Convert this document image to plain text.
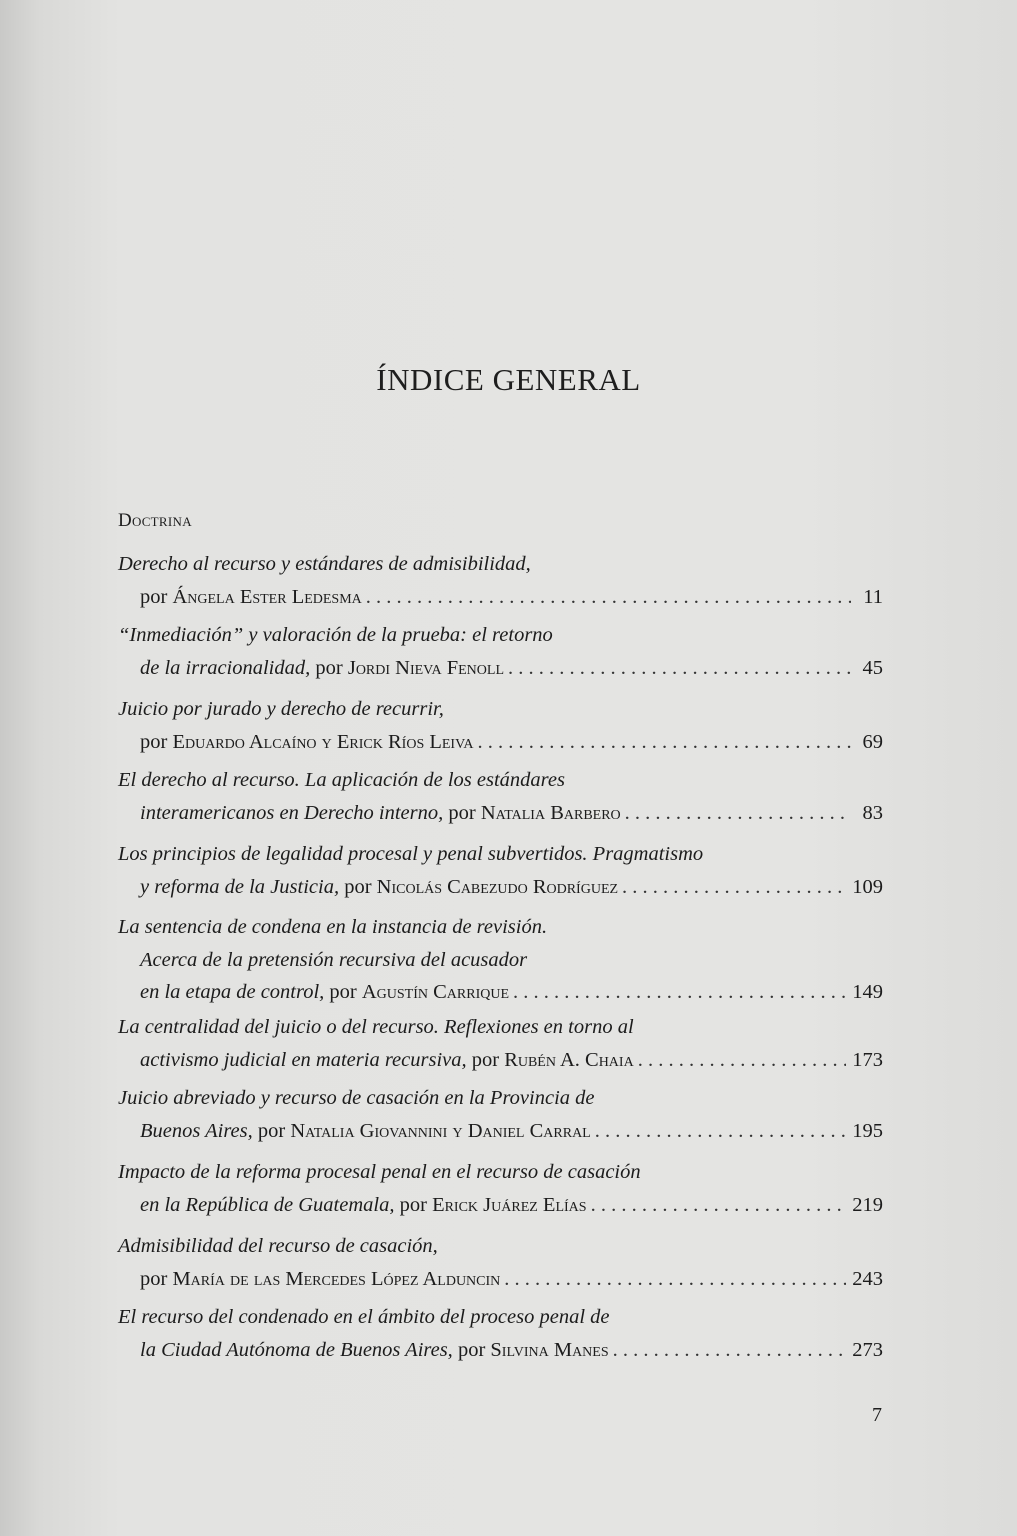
ÍNDICE GENERAL
Doctrina
Derecho al recurso y estándares de admisibilidad,
por Ángela Ester Ledesma . . .	11
“Inmediación” y valoración de la prueba: el retorno
de la irracionalidad, por Jordi Nieva Fenoll . . .	45
Juicio por jurado y derecho de recurrir,
por Eduardo Alcaíno y Erick Ríos Leiva . . .	69
El derecho al recurso. La aplicación de los estándares
interamericanos en Derecho interno, por Natalia Barbero . . .	83
Los principios de legalidad procesal y penal subvertidos. Pragmatismo
y reforma de la Justicia, por Nicolás Cabezudo Rodríguez . . .	109
La sentencia de condena en la instancia de revisión.
Acerca de la pretensión recursiva del acusador
en la etapa de control, por Agustín Carrique . . .	149
La centralidad del juicio o del recurso. Reflexiones en torno al
activismo judicial en materia recursiva, por Rubén A. Chaia . . .	173
Juicio abreviado y recurso de casación en la Provincia de
Buenos Aires, por Natalia Giovannini y Daniel Carral . . .	195
Impacto de la reforma procesal penal en el recurso de casación
en la República de Guatemala, por Erick Juárez Elías . . .	219
Admisibilidad del recurso de casación,
por María de las Mercedes López Alduncin . . .	243
El recurso del condenado en el ámbito del proceso penal de
la Ciudad Autónoma de Buenos Aires, por Silvina Manes . . .	273
7
